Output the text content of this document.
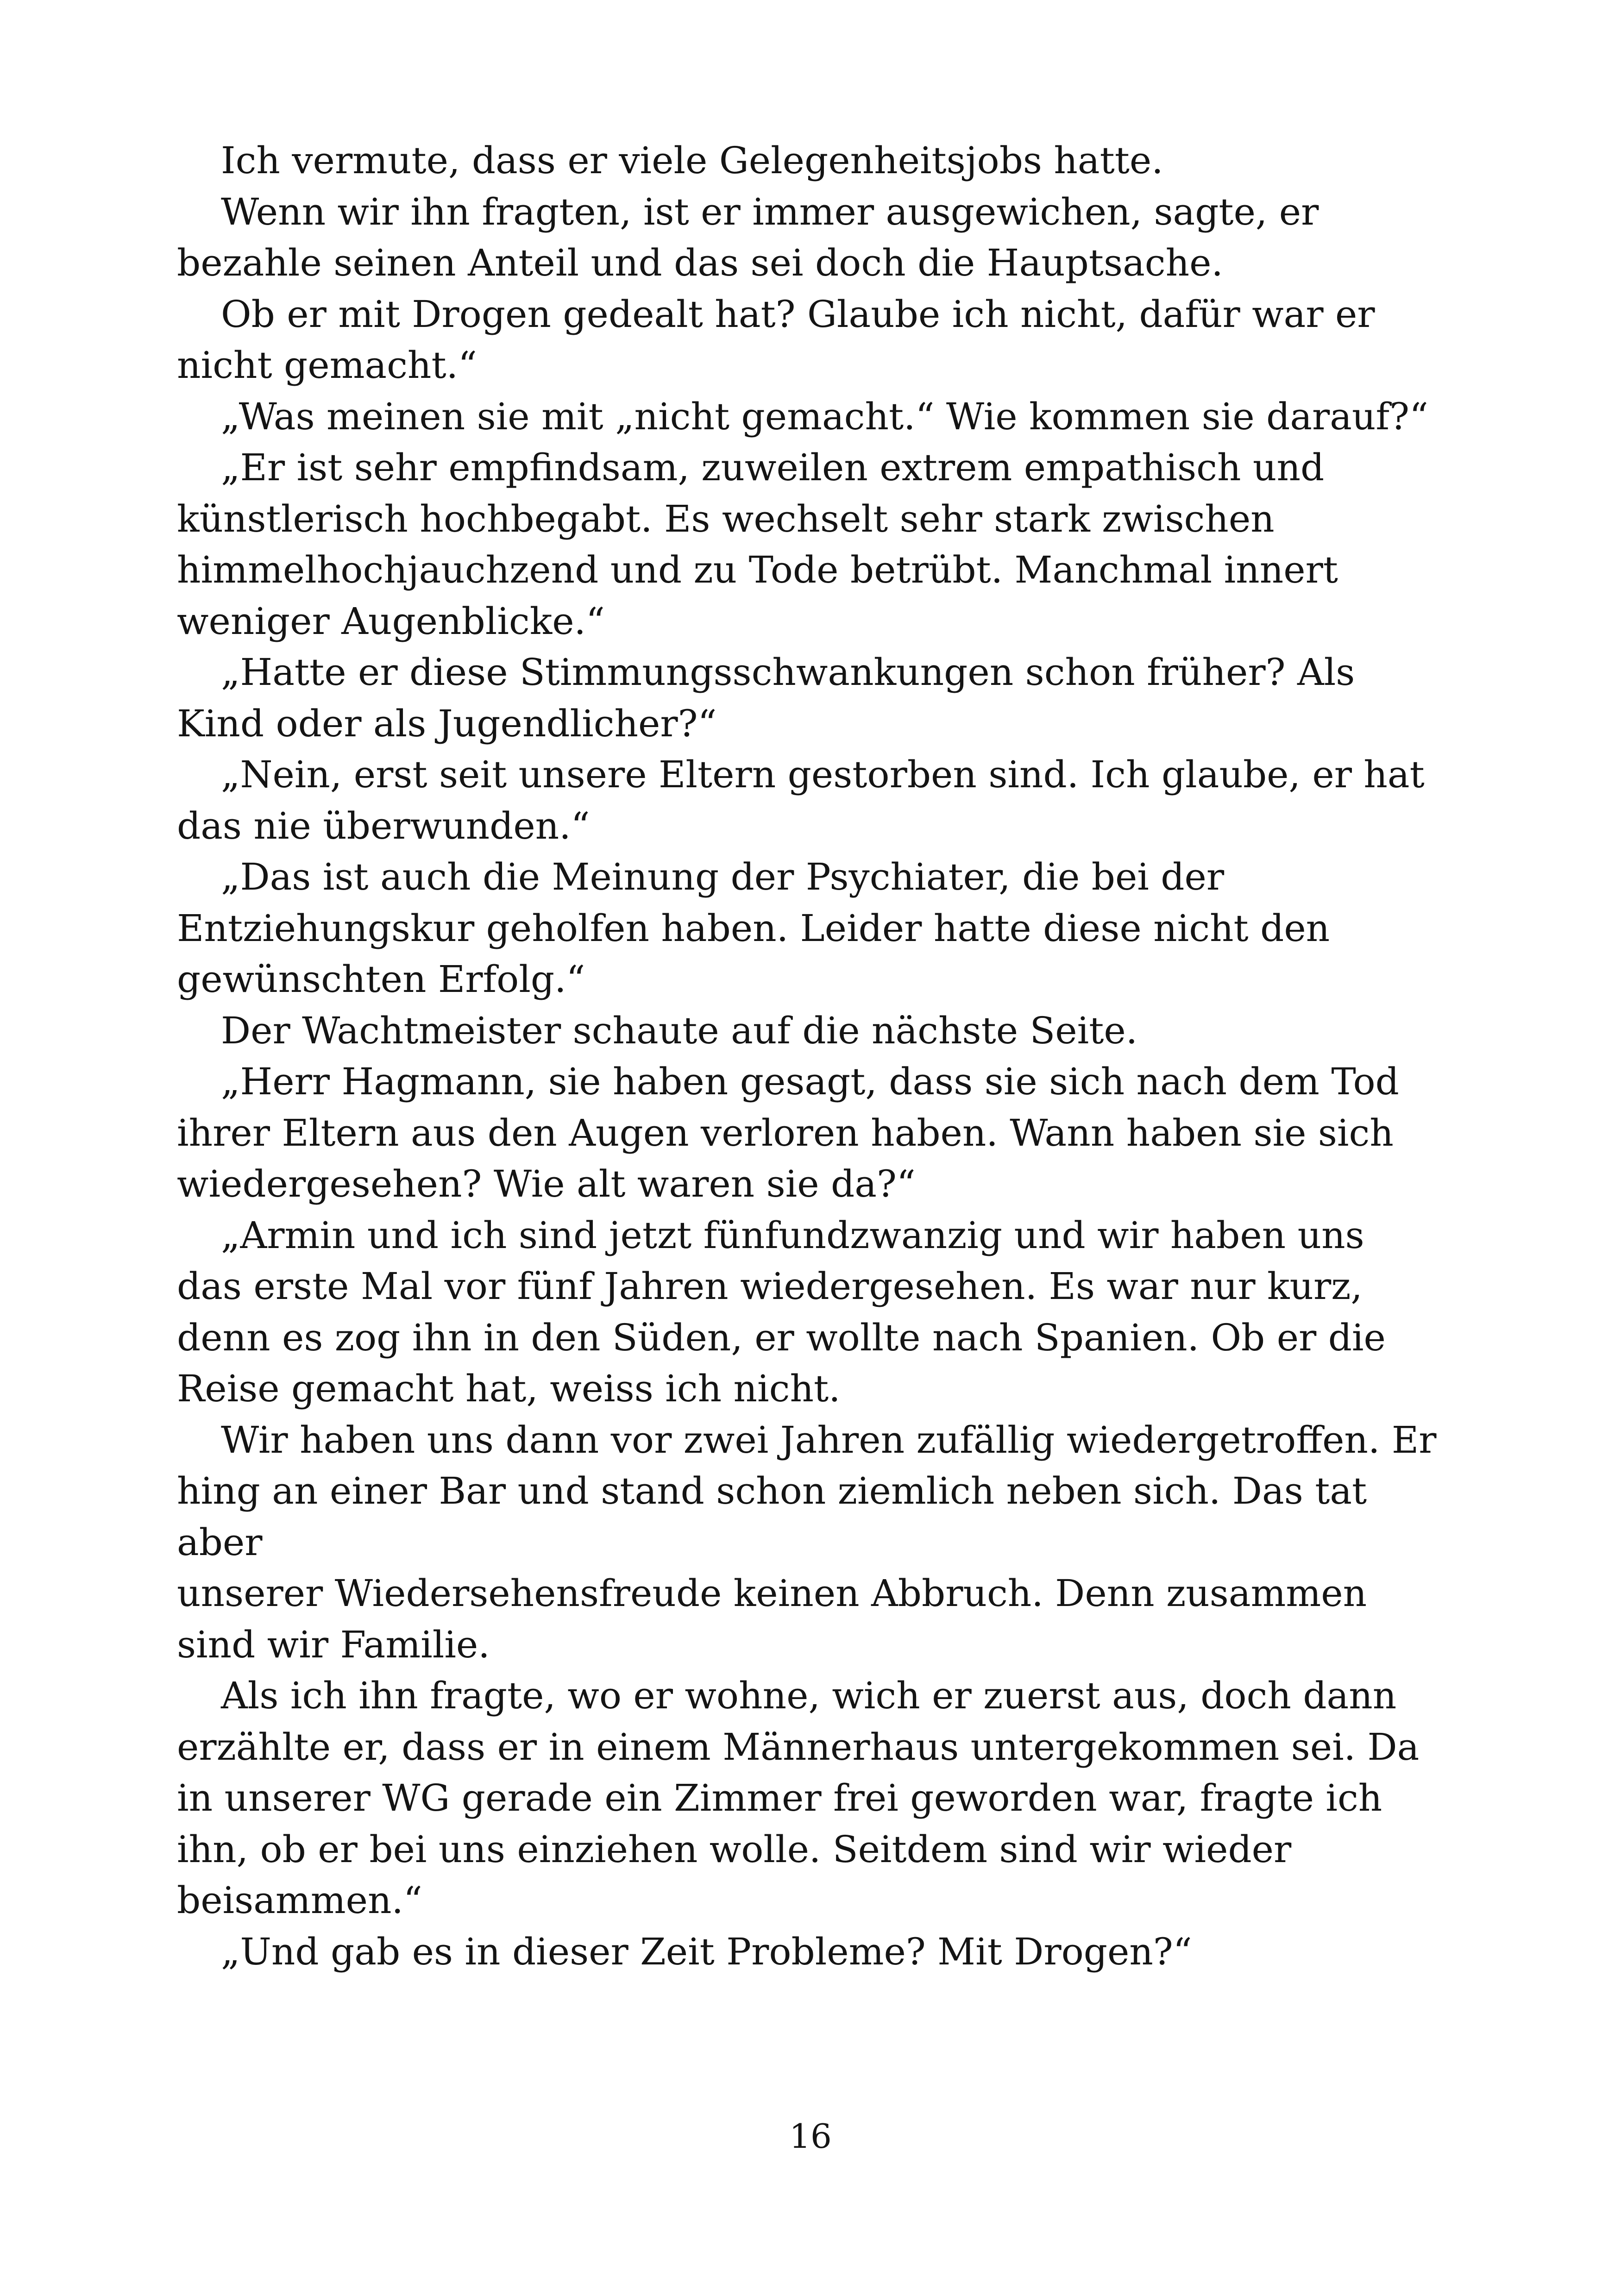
Ich vermute, dass er viele Gelegenheitsjobs hatte.

Wenn wir ihn fragten, ist er immer ausgewichen, sagte, er
bezahle seinen Anteil und das sei doch die Hauptsache.

Ob er mit Drogen gedealt hat? Glaube ich nicht, dafür war er
nicht gemacht.“

„Was meinen sie mit „nicht gemacht.“ Wie kommen sie darauf?“

„Er ist sehr empfindsam, zuweilen extrem empathisch und
künstlerisch hochbegabt. Es wechselt sehr stark zwischen
himmelhochjauchzend und zu Tode betrübt. Manchmal innert
weniger Augenblicke.“

„Hatte er diese Stimmungsschwankungen schon früher? Als
Kind oder als Jugendlicher?“

„Nein, erst seit unsere Eltern gestorben sind. Ich glaube, er hat
das nie überwunden.“

„Das ist auch die Meinung der Psychiater, die bei der
Entziehungskur geholfen haben. Leider hatte diese nicht den
gewünschten Erfolg.“

Der Wachtmeister schaute auf die nächste Seite.

„Herr Hagmann, sie haben gesagt, dass sie sich nach dem Tod
ihrer Eltern aus den Augen verloren haben. Wann haben sie sich
wiedergesehen? Wie alt waren sie da?“

„Armin und ich sind jetzt fünfundzwanzig und wir haben uns
das erste Mal vor fünf Jahren wiedergesehen. Es war nur kurz,
denn es zog ihn in den Süden, er wollte nach Spanien. Ob er die
Reise gemacht hat, weiss ich nicht.

Wir haben uns dann vor zwei Jahren zufällig wiedergetroffen. Er
hing an einer Bar und stand schon ziemlich neben sich. Das tat aber
unserer Wiedersehensfreude keinen Abbruch. Denn zusammen
sind wir Familie.

Als ich ihn fragte, wo er wohne, wich er zuerst aus, doch dann
erzählte er, dass er in einem Männerhaus untergekommen sei. Da
in unserer WG gerade ein Zimmer frei geworden war, fragte ich
ihn, ob er bei uns einziehen wolle. Seitdem sind wir wieder
beisammen.“

„Und gab es in dieser Zeit Probleme? Mit Drogen?“

16
